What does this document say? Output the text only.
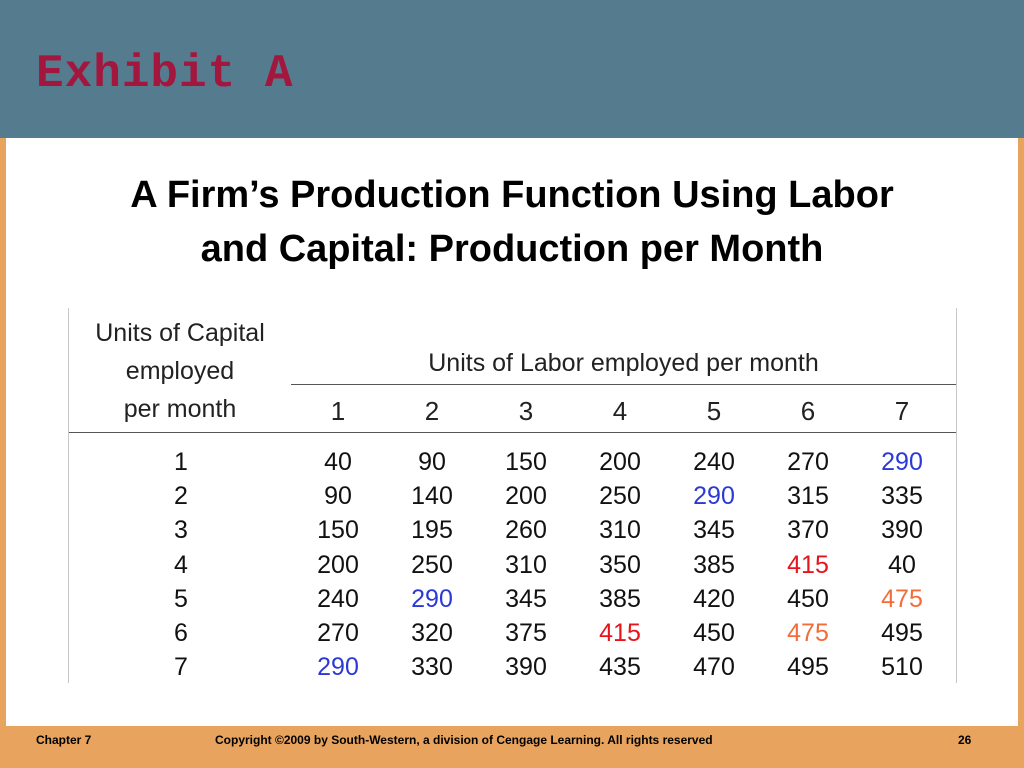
Exhibit A
A Firm’s Production Function Using Labor
and Capital: Production per Month
Units of Capital
employed
per month
Units of Labor employed per month
1	2	3	4	5	6	7
1	40	90	150	200	240	270	290
2	90	140	200	250	290	315	335
3	150	195	260	310	345	370	390
4	200	250	310	350	385	415	40
5	240	290	345	385	420	450	475
6	270	320	375	415	450	475	495
7	290	330	390	435	470	495	510
Chapter 7	Copyright ©2009 by South-Western, a division of Cengage Learning. All rights reserved	26
